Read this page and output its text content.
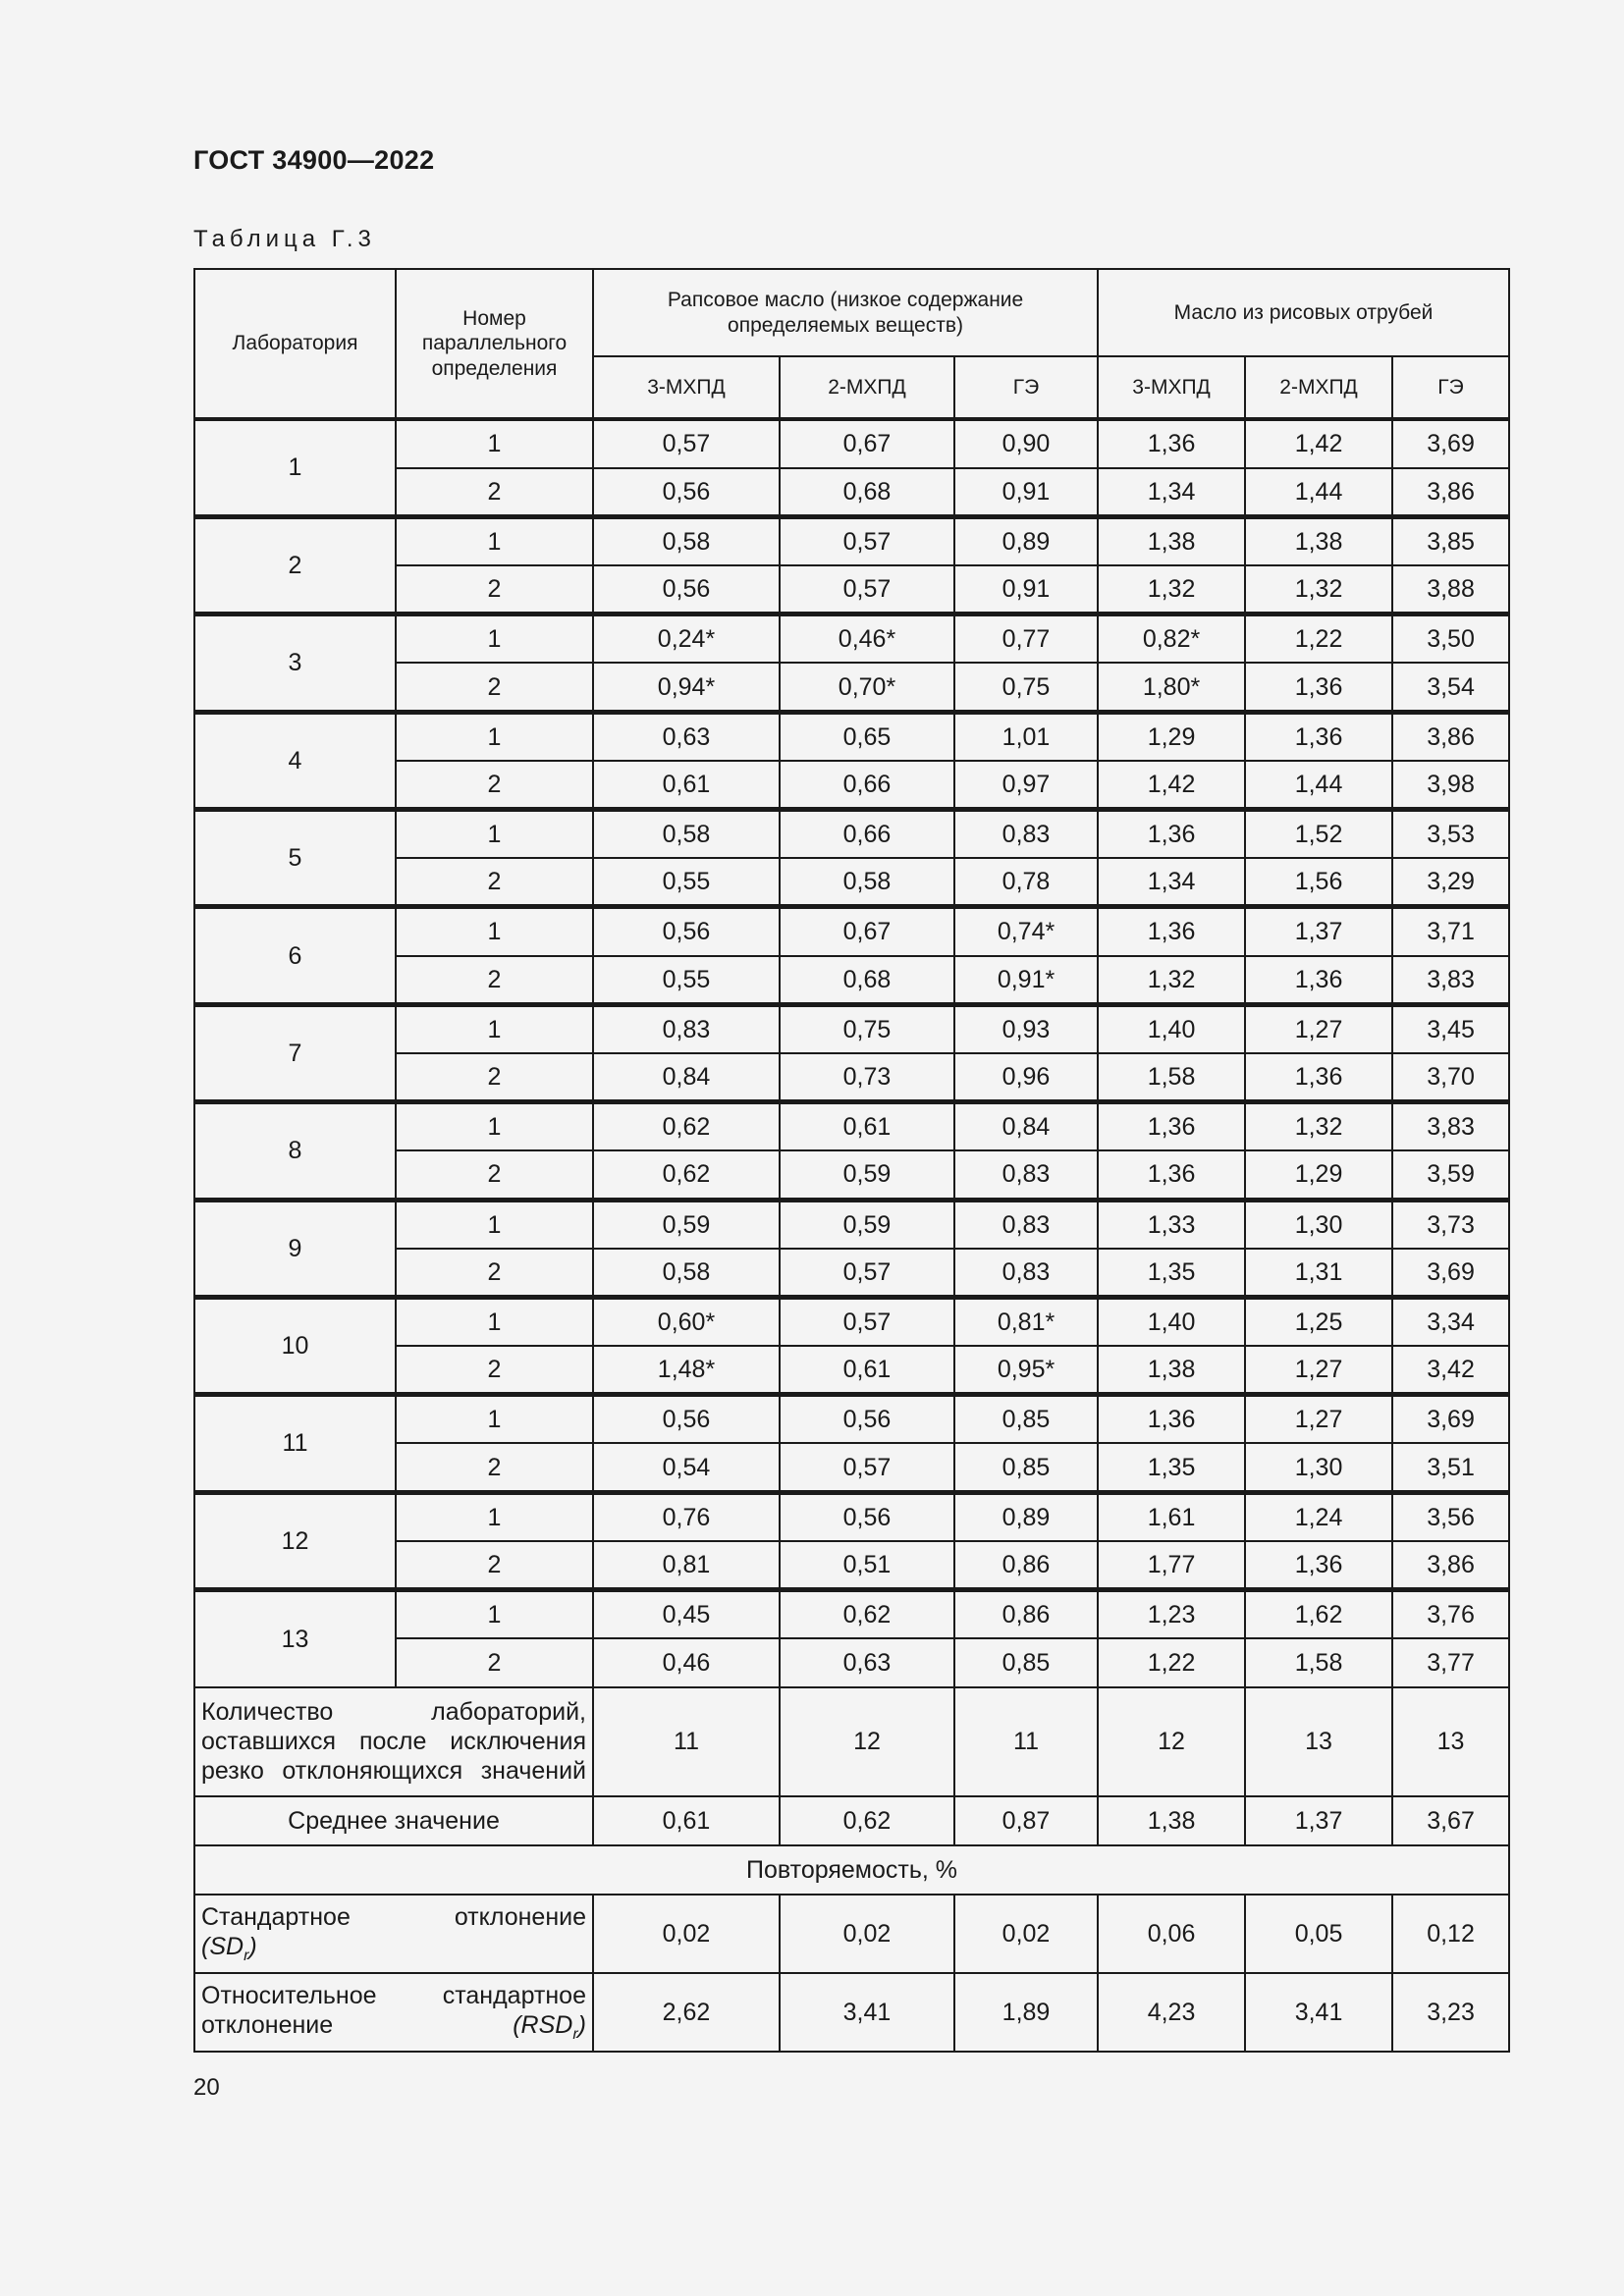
ГОСТ 34900—2022
Таблица Г.3
Лаборатория	Номер параллельного определения	Рапсовое масло (низкое содержание определяемых веществ)			Масло из рисовых отрубей		
		3-МХПД	2-МХПД	ГЭ	3-МХПД	2-МХПД	ГЭ
1	1	0,57	0,67	0,90	1,36	1,42	3,69
	2	0,56	0,68	0,91	1,34	1,44	3,86
2	1	0,58	0,57	0,89	1,38	1,38	3,85
	2	0,56	0,57	0,91	1,32	1,32	3,88
3	1	0,24*	0,46*	0,77	0,82*	1,22	3,50
	2	0,94*	0,70*	0,75	1,80*	1,36	3,54
4	1	0,63	0,65	1,01	1,29	1,36	3,86
	2	0,61	0,66	0,97	1,42	1,44	3,98
5	1	0,58	0,66	0,83	1,36	1,52	3,53
	2	0,55	0,58	0,78	1,34	1,56	3,29
6	1	0,56	0,67	0,74*	1,36	1,37	3,71
	2	0,55	0,68	0,91*	1,32	1,36	3,83
7	1	0,83	0,75	0,93	1,40	1,27	3,45
	2	0,84	0,73	0,96	1,58	1,36	3,70
8	1	0,62	0,61	0,84	1,36	1,32	3,83
	2	0,62	0,59	0,83	1,36	1,29	3,59
9	1	0,59	0,59	0,83	1,33	1,30	3,73
	2	0,58	0,57	0,83	1,35	1,31	3,69
10	1	0,60*	0,57	0,81*	1,40	1,25	3,34
	2	1,48*	0,61	0,95*	1,38	1,27	3,42
11	1	0,56	0,56	0,85	1,36	1,27	3,69
	2	0,54	0,57	0,85	1,35	1,30	3,51
12	1	0,76	0,56	0,89	1,61	1,24	3,56
	2	0,81	0,51	0,86	1,77	1,36	3,86
13	1	0,45	0,62	0,86	1,23	1,62	3,76
	2	0,46	0,63	0,85	1,22	1,58	3,77

Количество лабораторий,
оставшихся после исключения
резко отклоняющихся значений		11	12	11	12	13	13
Среднее значение		0,61	0,62	0,87	1,38	1,37	3,67
Повторяемость, %							

Стандартное отклонение
$(SD_r)$		0,02	0,02	0,02	0,06	0,05	0,12

Относительное стандартное
отклонение $(RSD_r)$		2,62	3,41	1,89	4,23	3,41	3,23
20
